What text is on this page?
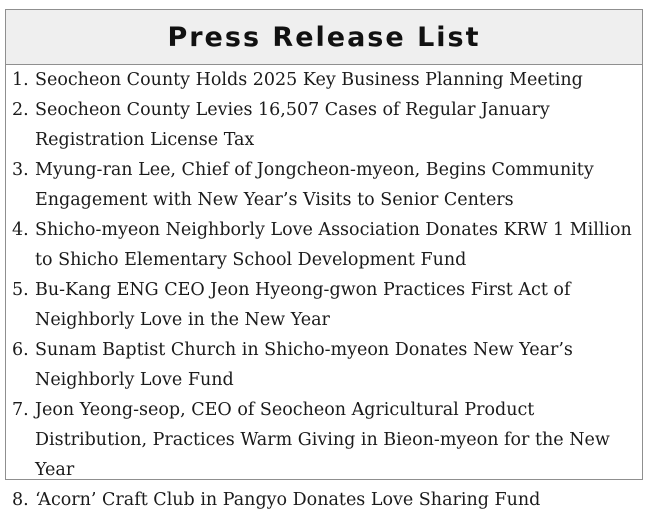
Press Release List
1. Seocheon County Holds 2025 Key Business Planning Meeting
2. Seocheon County Levies 16,507 Cases of Regular January Registration License Tax
3. Myung-ran Lee, Chief of Jongcheon-myeon, Begins Community Engagement with New Year’s Visits to Senior Centers
4. Shicho-myeon Neighborly Love Association Donates KRW 1 Million to Shicho Elementary School Development Fund
5. Bu-Kang ENG CEO Jeon Hyeong-gwon Practices First Act of Neighborly Love in the New Year
6. Sunam Baptist Church in Shicho-myeon Donates New Year’s Neighborly Love Fund
7. Jeon Yeong-seop, CEO of Seocheon Agricultural Product Distribution, Practices Warm Giving in Bieon-myeon for the New Year
8. ‘Acorn’ Craft Club in Pangyo Donates Love Sharing Fund
